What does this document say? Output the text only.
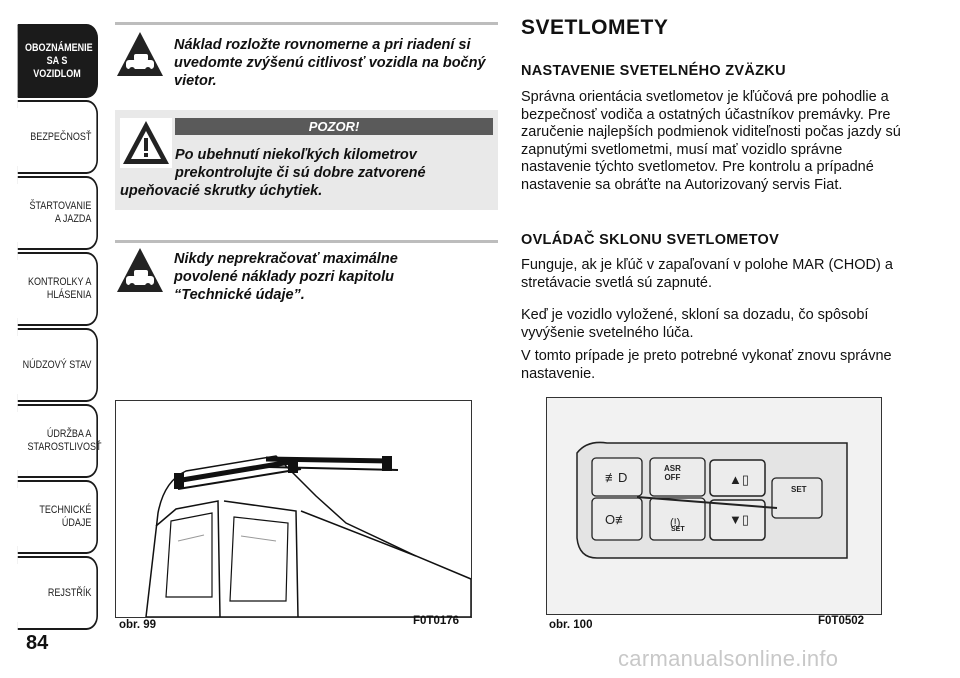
OBOZNÁMENIE SA S VOZIDLOM
BEZPEČNOSŤ
ŠTARTOVANIE A JAZDA
KONTROLKY A HLÁSENIA
NÚDZOVÝ STAV
ÚDRŽBA A STAROSTLIVOSŤ
TECHNICKÉ ÚDAJE
REJSTŘÍK
84
Náklad rozložte rovnomerne a pri riadení si uvedomte zvýšenú citlivosť vozidla na bočný vietor.
POZOR!
Po ubehnutí niekoľkých kilometrov
prekontrolujte či sú dobre zatvorené
upeňovacié skrutky úchytiek.
Nikdy neprekračovať maximálne povolené náklady pozri kapitolu “Technické údaje”.
obr. 99	F0T0176
SVETLOMETY
NASTAVENIE SVETELNÉHO ZVÄZKU
Správna orientácia svetlometov je kľúčová pre pohodlie a bezpečnosť vodiča a ostatných účastníkov premávky. Pre zaručenie najlepších podmienok viditeľnosti počas jazdy sú zapnutými svetlometmi, musí mať vozidlo správne nastavenie týchto svetlometov. Pre kontrolu a prípadné nastavenie sa obráťte na Autorizovaný servis Fiat.
OVLÁDAČ SKLONU SVETLOMETOV
Funguje, ak je kľúč v zapaľovaní v polohe MAR (CHOD) a stretávacie svetlá sú zapnuté.
Keď je vozidlo vyložené, skloní sa dozadu, čo spôsobí vyvýšenie svetelného lúča.
V tomto prípade je preto potrebné vykonať znovu správne nastavenie.
≢D
O≢
▲▯
▼▯
(!)
ASR
OFF
SET
SET
obr. 100	F0T0502
carmanualsonline.info
